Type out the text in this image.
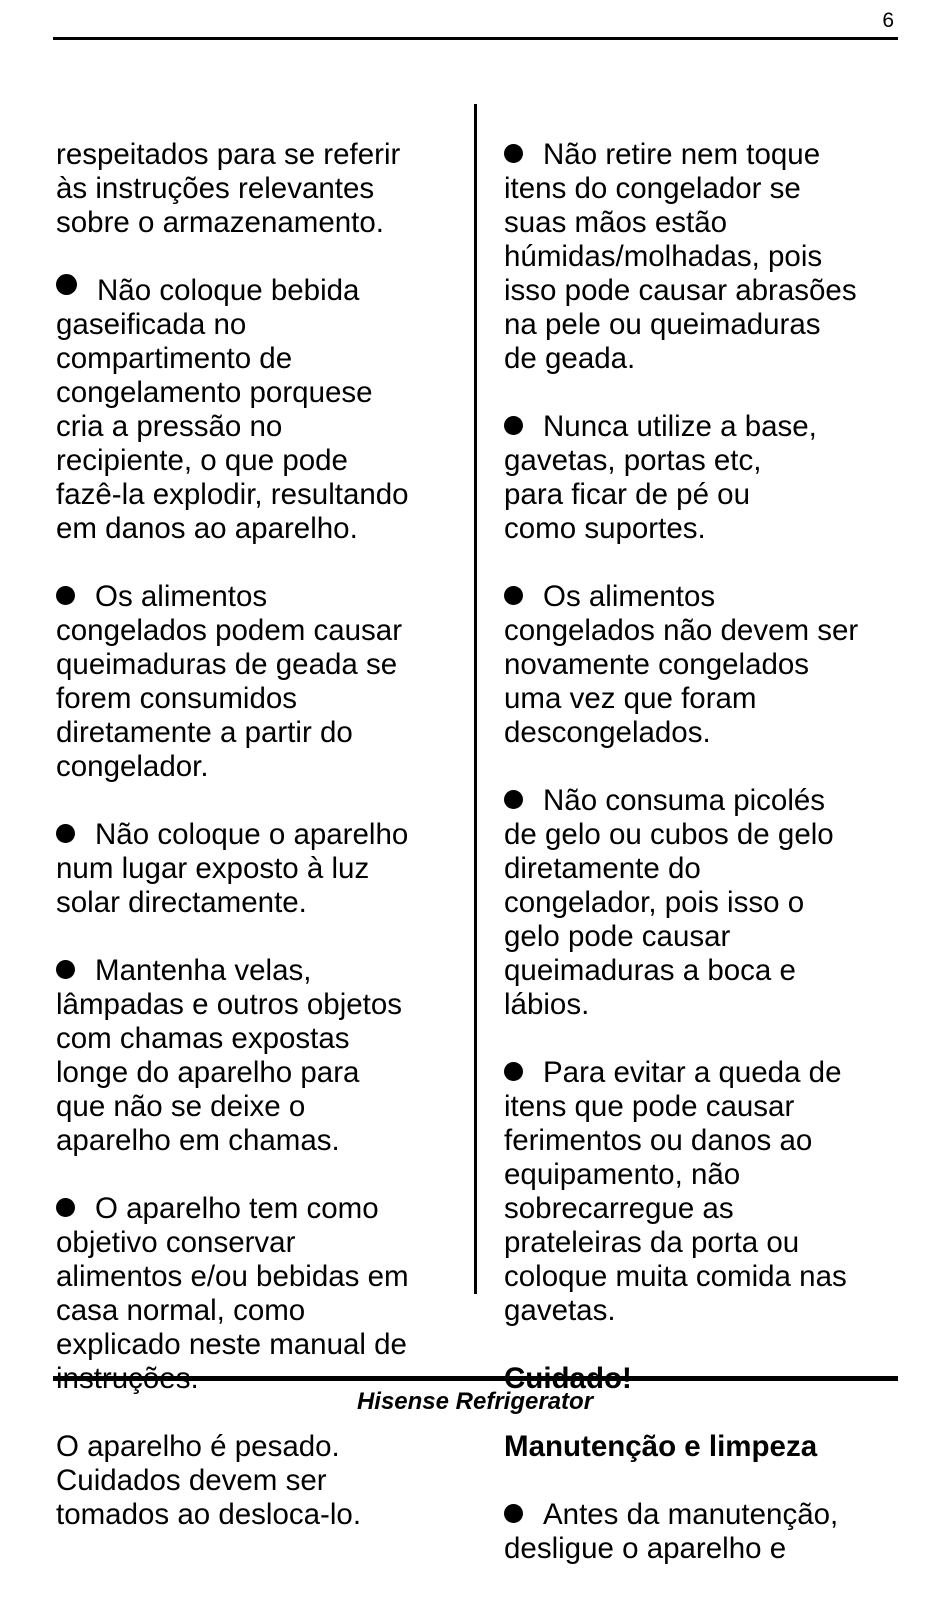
6

respeitados para se referir
às instruções relevantes
sobre o armazenamento.

Não coloque bebida
gaseificada no
compartimento de
congelamento porquese
cria a pressão no
recipiente, o que pode
fazê-la explodir, resultando
em danos ao aparelho.

Os alimentos
congelados podem causar
queimaduras de geada se
forem consumidos
diretamente a partir do
congelador.

Não coloque o aparelho
num lugar exposto à luz
solar directamente.

Mantenha velas,
lâmpadas e outros objetos
com chamas expostas
longe do aparelho para
que não se deixe o
aparelho em chamas.

O aparelho tem como
objetivo conservar
alimentos e/ou bebidas em
casa normal, como
explicado neste manual de
instruções.

O aparelho é pesado.
Cuidados devem ser
tomados ao desloca-lo.

Não retire nem toque
itens do congelador se
suas mãos estão
húmidas/molhadas, pois
isso pode causar abrasões
na pele ou queimaduras
de geada.

Nunca utilize a base,
gavetas, portas etc,
para ficar de pé ou
como suportes.

Os alimentos
congelados não devem ser
novamente congelados
uma vez que foram
descongelados.

Não consuma picolés
de gelo ou cubos de gelo
diretamente do
congelador, pois isso o
gelo pode causar
queimaduras a boca e
lábios.

Para evitar a queda de
itens que pode causar
ferimentos ou danos ao
equipamento, não
sobrecarregue as
prateleiras da porta ou
coloque muita comida nas
gavetas.

Cuidado!

Manutenção e limpeza

Antes da manutenção,
desligue o aparelho e

Hisense Refrigerator
